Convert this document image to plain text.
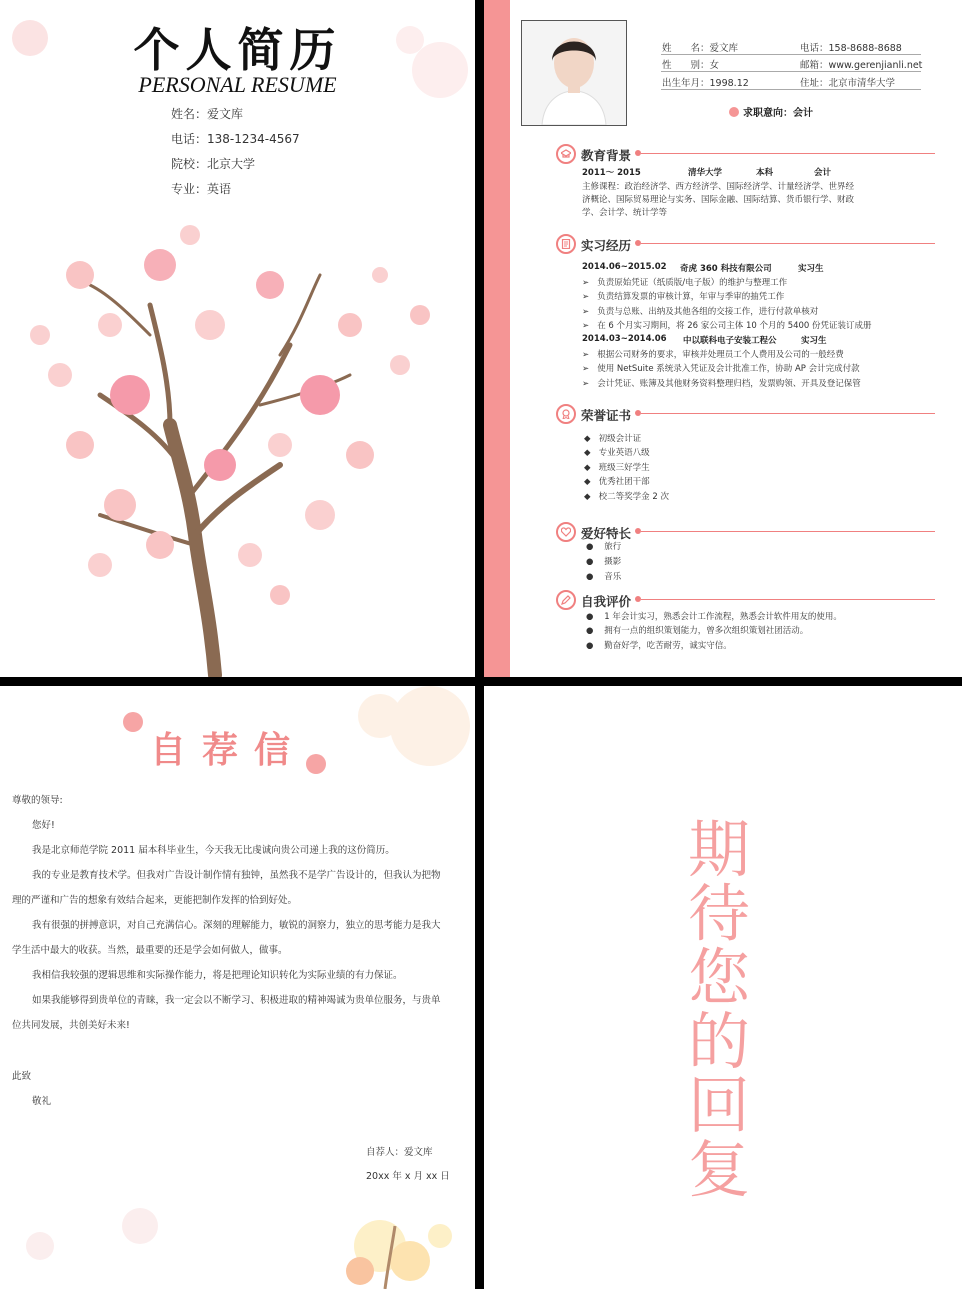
个人简历
PERSONAL RESUME
姓名：爱文库
电话：138-1234-4567
院校：北京大学
专业：英语
姓　　名：爱文库	电话：158-8688-8688
性　　别：女	邮箱：www.gerenjianli.net
出生年月：1998.12	住址：北京市清华大学
求职意向：会计
教育背景
2011～ 2015	清华大学	本科	会计
主修课程：政治经济学、西方经济学、国际经济学、计量经济学、世界经
济概论、国际贸易理论与实务、国际金融、国际结算、货币银行学、财政
学、会计学、统计学等
实习经历
2014.06~2015.02 奇虎 360 科技有限公司	实习生
➢   负责原始凭证（纸质版/电子版）的维护与整理工作
➢   负责结算发票的审核计算，年审与季审的抽凭工作
➢   负责与总账、出纳及其他各组的交接工作，进行付款单核对
➢   在 6 个月实习期间，将 26 家公司主体 10 个月的 5400 份凭证装订成册
2014.03~2014.06 中以联科电子安装工程公	实习生
➢   根据公司财务的要求，审核并处理员工个人费用及公司的一般经费
➢   使用 NetSuite 系统录入凭证及会计批准工作，协助 AP 会计完成付款
➢   会计凭证、账簿及其他财务资料整理归档，发票购领、开具及登记保管
荣誉证书
◆   初级会计证
◆   专业英语八级
◆   班级三好学生
◆   优秀社团干部
◆   校二等奖学金 2 次
爱好特长
●    旅行
●    摄影
●    音乐
自我评价
●    1 年会计实习，熟悉会计工作流程，熟悉会计软件用友的使用。
●    拥有一点的组织策划能力，曾多次组织策划社团活动。
●    勤奋好学，吃苦耐劳，诚实守信。
自荐信
尊敬的领导:
您好!
我是北京师范学院 2011 届本科毕业生，今天我无比虔诚向贵公司递上我的这份简历。
我的专业是教育技术学。但我对广告设计制作情有独钟，虽然我不是学广告设计的，但我认为把物
理的严谨和广告的想象有效结合起来，更能把制作发挥的恰到好处。
我有很强的拼搏意识，对自己充满信心。深刻的理解能力，敏锐的洞察力，独立的思考能力是我大
学生活中最大的收获。当然，最重要的还是学会如何做人，做事。
我相信我较强的逻辑思维和实际操作能力，将是把理论知识转化为实际业绩的有力保证。
如果我能够得到贵单位的青睐，我一定会以不断学习、积极进取的精神竭诚为贵单位服务，与贵单
位共同发展，共创美好未来!
此致
敬礼
自荐人：爱文库
20xx 年 x 月 xx 日
期
待
您
的
回
复
